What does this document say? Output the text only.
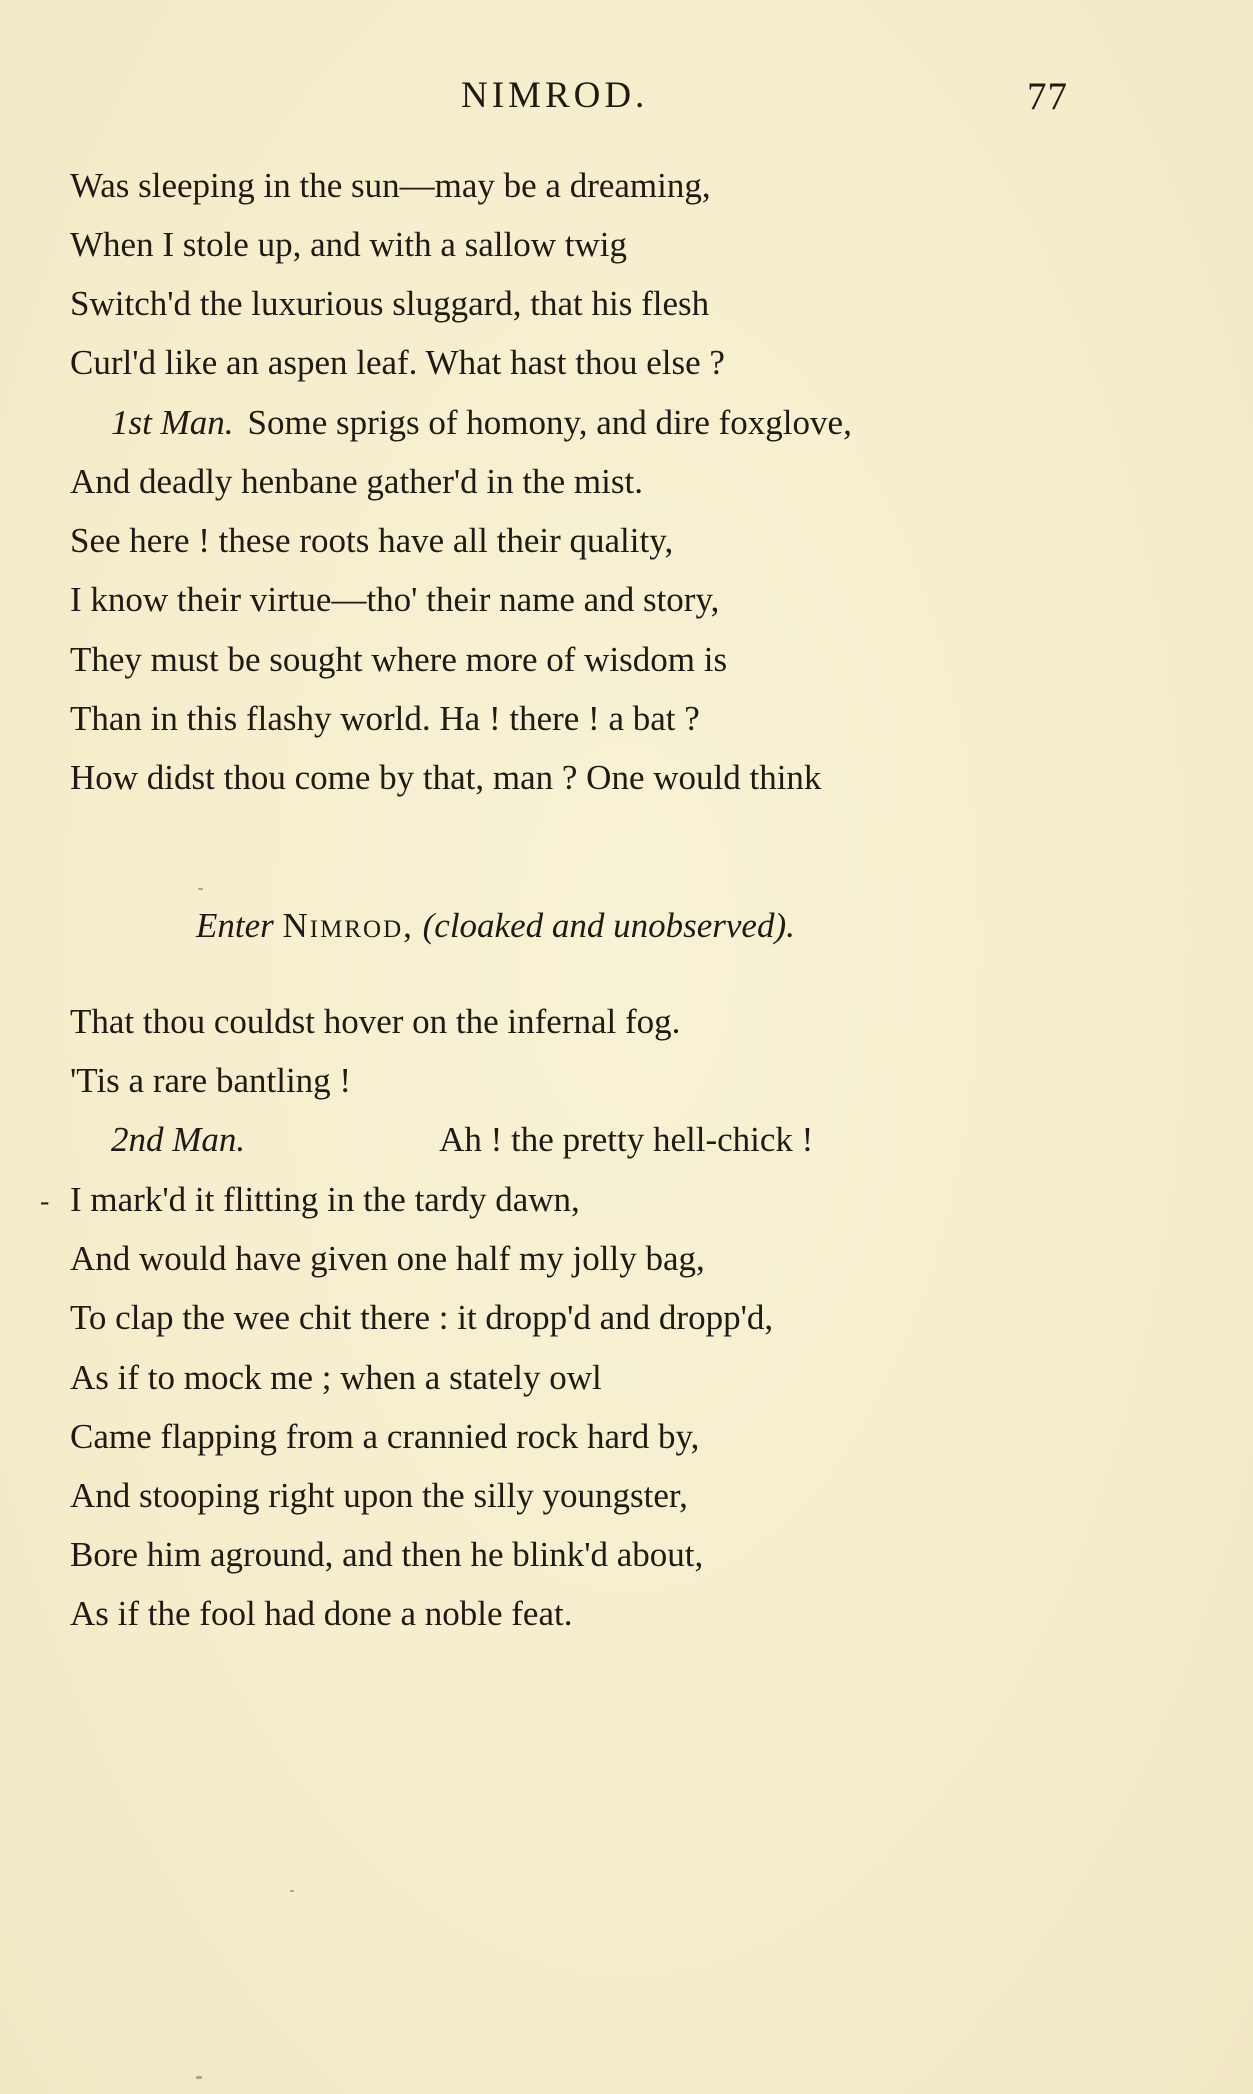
NIMROD.	77
Was sleeping in the sun—may be a dreaming,
When I stole up, and with a sallow twig
Switch'd the luxurious sluggard, that his flesh
Curl'd like an aspen leaf. What hast thou else ?
1st Man. Some sprigs of homony, and dire foxglove,
And deadly henbane gather'd in the mist.
See here ! these roots have all their quality,
I know their virtue—tho' their name and story,
They must be sought where more of wisdom is
Than in this flashy world. Ha ! there ! a bat ?
How didst thou come by that, man ? One would think
That thou couldst hover on the infernal fog.
'Tis a rare bantling !
2nd Man.	Ah ! the pretty hell-chick !
I mark'd it flitting in the tardy dawn,
And would have given one half my jolly bag,
To clap the wee chit there : it dropp'd and dropp'd,
As if to mock me ; when a stately owl
Came flapping from a crannied rock hard by,
And stooping right upon the silly youngster,
Bore him aground, and then he blink'd about,
As if the fool had done a noble feat.
Enter Nimrod, (cloaked and unobserved).
-
